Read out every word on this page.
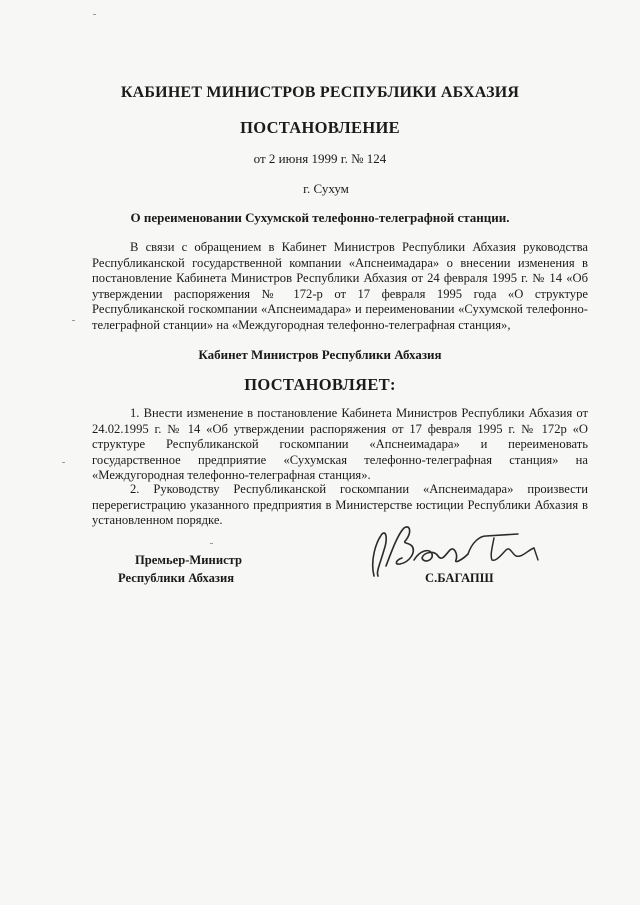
КАБИНЕТ МИНИСТРОВ РЕСПУБЛИКИ АБХАЗИЯ
ПОСТАНОВЛЕНИЕ
от 2 июня 1999 г. № 124
г. Сухум
О переименовании Сухумской телефонно-телеграфной станции.
В связи с обращением в Кабинет Министров Республики Абхазия руководства Республиканской государственной компании «Апснеимадара» о внесении изменения в постановление Кабинета Министров Республики Абхазия от 24 февраля 1995 г. № 14 «Об утверждении распоряжения № 172-р от 17 февраля 1995 года «О структуре Республиканской госкомпании «Апснеимадара» и переименовании «Сухумской телефонно-телеграфной станции» на «Междугородная телефонно-телеграфная станция»,
Кабинет Министров Республики Абхазия
ПОСТАНОВЛЯЕТ:
1. Внести изменение в постановление Кабинета Министров Республики Абхазия от 24.02.1995 г. № 14 «Об утверждении распоряжения от 17 февраля 1995 г. № 172р «О структуре Республиканской госкомпании «Апснеимадара» и переименовать государственное предприятие «Сухумская телефонно-телеграфная станция» на «Междугородная телефонно-телеграфная станция».
2. Руководству Республиканской госкомпании «Апснеимадара» произвести перерегистрацию указанного предприятия в Министерстве юстиции Республики Абхазия в установленном порядке.
Премьер-Министр
Республики Абхазия	С.БАГАПШ
